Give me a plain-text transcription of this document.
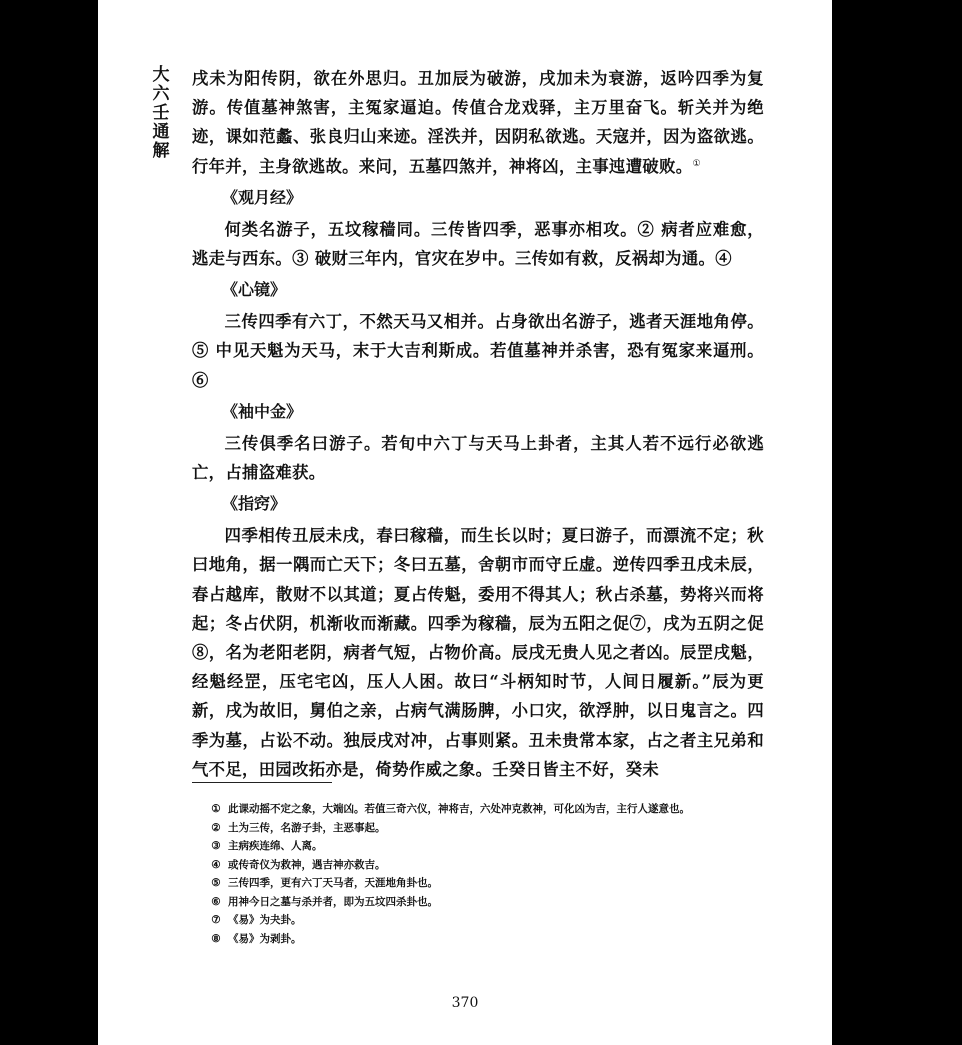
大六壬通解

戌未为阳传阴，欲在外思归。丑加辰为破游，戌加未为衰游，返吟四季为复游。传值墓神煞害，主冤家逼迫。传值合龙戏驿，主万里奋飞。斩关并为绝迹，课如范蠡、张良归山来迹。淫泆并，因阴私欲逃。天寇并，因为盗欲逃。行年并，主身欲逃故。来问，五墓四煞并，神将凶，主事迍遭破败。①

《观月经》

何类名游子，五坟稼穑同。三传皆四季，恶事亦相攻。② 病者应难愈，逃走与西东。③ 破财三年内，官灾在岁中。三传如有救，反祸却为通。④

《心镜》

三传四季有六丁，不然天马又相并。占身欲出名游子，逃者天涯地角停。⑤ 中见天魁为天马，末于大吉利斯成。若值墓神并杀害，恐有冤家来逼刑。⑥

《袖中金》

三传俱季名曰游子。若旬中六丁与天马上卦者，主其人若不远行必欲逃亡，占捕盗难获。

《指窍》

四季相传丑辰未戌，春曰稼穑，而生长以时；夏曰游子，而漂流不定；秋曰地角，据一隅而亡天下；冬曰五墓，舍朝市而守丘虚。逆传四季丑戌未辰，春占越库，散财不以其道；夏占传魁，委用不得其人；秋占杀墓，势将兴而将起；冬占伏阴，机渐收而渐藏。四季为稼穑，辰为五阳之促⑦，戌为五阴之促⑧，名为老阳老阴，病者气短，占物价高。辰戌无贵人见之者凶。辰罡戌魁，经魁经罡，压宅宅凶，压人人困。故曰“斗柄知时节，人间日履新。”辰为更新，戌为故旧，舅伯之亲，占病气满肠脾，小口灾，欲浮肿，以日鬼言之。四季为墓，占讼不动。独辰戌对冲，占事则紧。丑未贵常本家，占之者主兄弟和气不足，田园改拓亦是，倚势作威之象。壬癸日皆主不好，癸未

① 此课动摇不定之象，大端凶。若值三奇六仪，神将吉，六处冲克救神，可化凶为吉，主行人遂意也。

② 土为三传，名游子卦，主恶事起。

③ 主病疾连绵、人离。

④ 或传奇仪为救神，遇吉神亦救吉。

⑤ 三传四季，更有六丁天马者，天涯地角卦也。

⑥ 用神今日之墓与杀并者，即为五坟四杀卦也。

⑦ 《易》为夬卦。

⑧ 《易》为剥卦。

370
